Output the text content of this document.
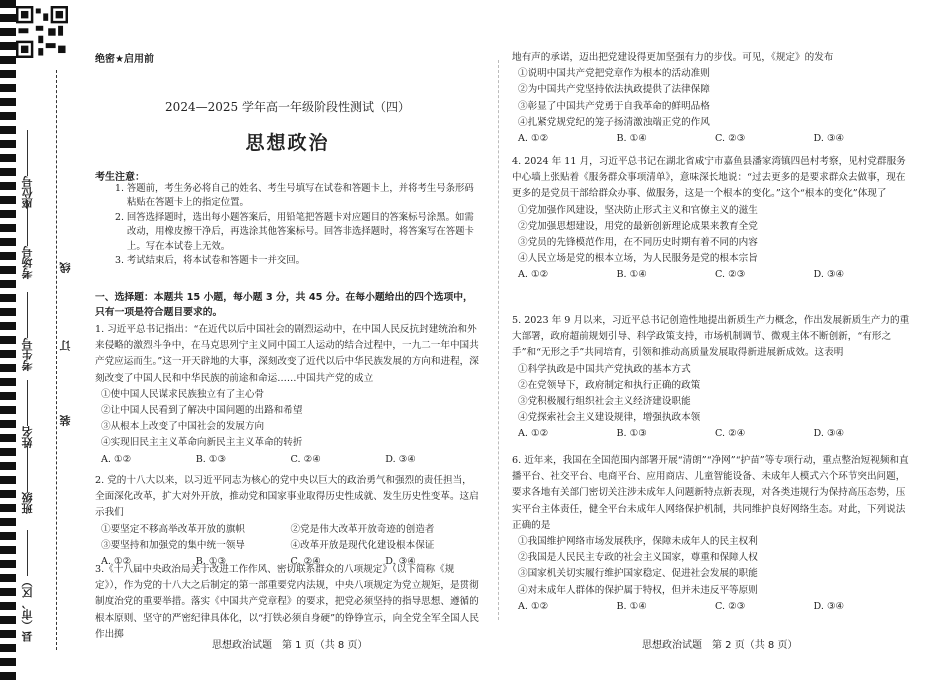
座位号
考场号
考生号
姓名
班级
县（市、区）
线
订
装
绝密★启用前
2024—2025 学年高一年级阶段性测试（四）
思想政治
考生注意：

1. 答题前，考生务必将自己的姓名、考生号填写在试卷和答题卡上，并将考生号条形码粘贴在答题卡上的指定位置。

2. 回答选择题时，选出每小题答案后，用铅笔把答题卡对应题目的答案标号涂黑。如需改动，用橡皮擦干净后，再选涂其他答案标号。回答非选择题时，将答案写在答题卡上。写在本试卷上无效。

3. 考试结束后，将本试卷和答题卡一并交回。

一、选择题：本题共 15 小题，每小题 3 分，共 45 分。在每小题给出的四个选项中，只有一项是符合题目要求的。

1. 习近平总书记指出：“在近代以后中国社会的剧烈运动中，在中国人民反抗封建统治和外来侵略的激烈斗争中，在马克思列宁主义同中国工人运动的结合过程中，一九二一年中国共产党应运而生。”这一开天辟地的大事，深刻改变了近代以后中华民族发展的方向和进程，深刻改变了中国人民和中华民族的前途和命运……中国共产党的成立

①使中国人民谋求民族独立有了主心骨

②让中国人民看到了解决中国问题的出路和希望

③从根本上改变了中国社会的发展方向

④实现旧民主主义革命向新民主主义革命的转折

A. ①②	B. ①③	C. ②④	D. ③④

2. 党的十八大以来，以习近平同志为核心的党中央以巨大的政治勇气和强烈的责任担当，全面深化改革，扩大对外开放，推动党和国家事业取得历史性成就、发生历史性变革。这启示我们

①要坚定不移高举改革开放的旗帜	②党是伟大改革开放奇迹的创造者
③要坚持和加强党的集中统一领导	④改革开放是现代化建设根本保证
A. ①②	B. ①③	C. ②④	D. ③④

3.《十八届中央政治局关于改进工作作风、密切联系群众的八项规定》（以下简称《规定》），作为党的十八大之后制定的第一部重要党内法规，中央八项规定为党立规矩，是贯彻制度治党的重要举措。落实《中国共产党章程》的要求，把党必须坚持的指导思想、遵循的根本原则、坚守的严密纪律具体化，以“打铁必须自身硬”的铮铮宣示，向全党全军全国人民作出掷

地有声的承诺，迈出把党建设得更加坚强有力的步伐。可见，《规定》的发布

①说明中国共产党把党章作为根本的活动准则

②为中国共产党坚持依法执政提供了法律保障

③彰显了中国共产党勇于自我革命的鲜明品格

④扎紧党规党纪的笼子扬清激浊端正党的作风

A. ①②	B. ①④	C. ②③	D. ③④

4. 2024 年 11 月，习近平总书记在湖北省咸宁市嘉鱼县潘家湾镇四邑村考察，见村党群服务中心墙上张贴着《服务群众事项清单》，意味深长地说：“过去更多的是要求群众去做事，现在更多的是党员干部给群众办事、做服务，这是一个根本的变化。”这个“根本的变化”体现了

①党加强作风建设，坚决防止形式主义和官僚主义的滋生

②党加强思想建设，用党的最新创新理论成果来教育全党

③党员的先锋模范作用，在不同历史时期有着不同的内容

④人民立场是党的根本立场，为人民服务是党的根本宗旨

A. ①②	B. ①④	C. ②③	D. ③④

5. 2023 年 9 月以来，习近平总书记创造性地提出新质生产力概念，作出发展新质生产力的重大部署，政府超前规划引导、科学政策支持，市场机制调节、微观主体不断创新，“有形之手”和“无形之手”共同培育，引领和推动高质量发展取得新进展新成效。这表明

①科学执政是中国共产党执政的基本方式

②在党领导下，政府制定和执行正确的政策

③党积极履行组织社会主义经济建设职能

④党探索社会主义建设规律，增强执政本领

A. ①②	B. ①③	C. ②④	D. ③④

6. 近年来，我国在全国范围内部署开展“清朗”“净网”“护苗”等专项行动，重点整治短视频和直播平台、社交平台、电商平台、应用商店、儿童智能设备、未成年人模式六个环节突出问题，要求各地有关部门密切关注涉未成年人问题新特点新表现，对各类违规行为保持高压态势，压实平台主体责任，健全平台未成年人网络保护机制，共同维护良好网络生态。对此，下列说法正确的是

①我国维护网络市场发展秩序，保障未成年人的民主权利

②我国是人民民主专政的社会主义国家，尊重和保障人权

③国家机关切实履行维护国家稳定、促进社会发展的职能

④对未成年人群体的保护属于特权，但并未违反平等原则

A. ①②	B. ①④	C. ②③	D. ③④
思想政治试题　第 1 页（共 8 页）	思想政治试题　第 2 页（共 8 页）
